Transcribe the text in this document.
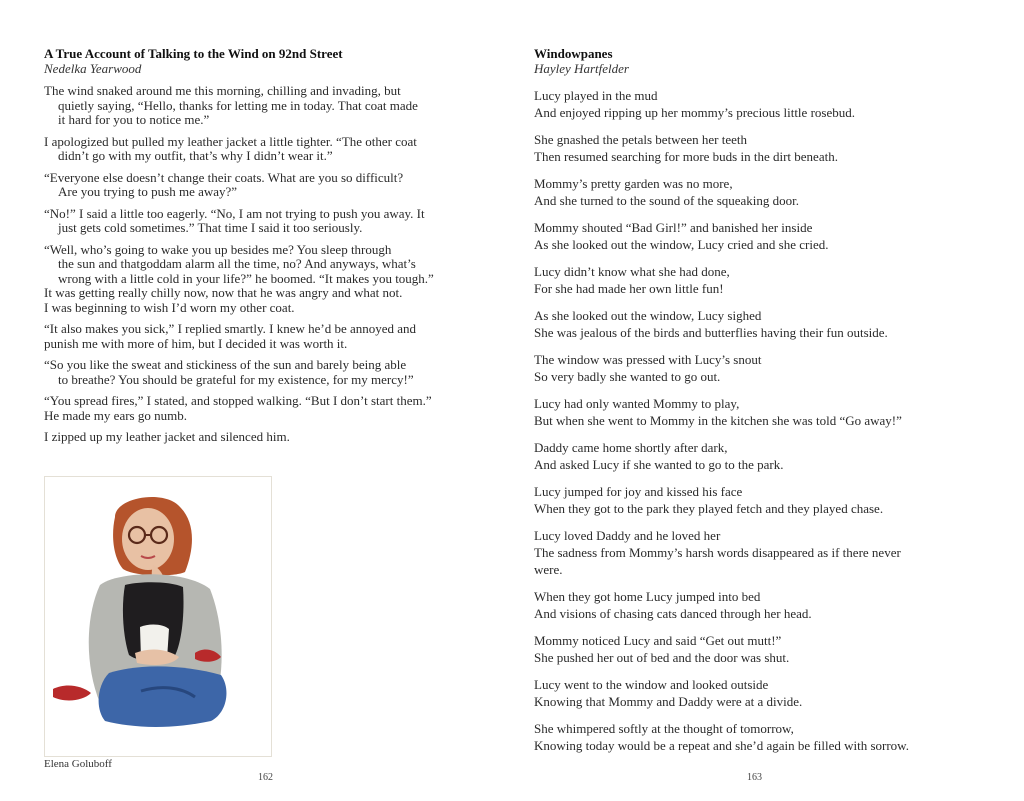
A True Account of Talking to the Wind on 92nd Street
Nedelka Yearwood
The wind snaked around me this morning, chilling and invading, but
quietly saying, “Hello, thanks for letting me in today. That coat made
it hard for you to notice me.”
I apologized but pulled my leather jacket a little tighter. “The other coat
didn’t go with my outfit, that’s why I didn’t wear it.”
“Everyone else doesn’t change their coats. What are you so difficult?
Are you trying to push me away?”
“No!” I said a little too eagerly. “No, I am not trying to push you away. It
just gets cold sometimes.” That time I said it too seriously.
“Well, who’s going to wake you up besides me? You sleep through
the sun and thatgoddam alarm all the time, no? And anyways, what’s
wrong with a little cold in your life?” he boomed. “It makes you tough.”
It was getting really chilly now, now that he was angry and what not.
I was beginning to wish I’d worn my other coat.
“It also makes you sick,” I replied smartly. I knew he’d be annoyed and
punish me with more of him, but I decided it was worth it.
“So you like the sweat and stickiness of the sun and barely being able
to breathe? You should be grateful for my existence, for my mercy!”
“You spread fires,” I stated, and stopped walking. “But I don’t start them.”
He made my ears go numb.
I zipped up my leather jacket and silenced him.
Elena Goluboff
162
Windowpanes
Hayley Hartfelder
Lucy played in the mud
And enjoyed ripping up her mommy’s precious little rosebud.
She gnashed the petals between her teeth
Then resumed searching for more buds in the dirt beneath.
Mommy’s pretty garden was no more,
And she turned to the sound of the squeaking door.
Mommy shouted “Bad Girl!” and banished her inside
As she looked out the window, Lucy cried and she cried.
Lucy didn’t know what she had done,
For she had made her own little fun!
As she looked out the window, Lucy sighed
She was jealous of the birds and butterflies having their fun outside.
The window was pressed with Lucy’s snout
So very badly she wanted to go out.
Lucy had only wanted Mommy to play,
But when she went to Mommy in the kitchen she was told “Go away!”
Daddy came home shortly after dark,
And asked Lucy if she wanted to go to the park.
Lucy jumped for joy and kissed his face
When they got to the park they played fetch and they played chase.
Lucy loved Daddy and he loved her
The sadness from Mommy’s harsh words disappeared as if there never
were.
When they got home Lucy jumped into bed
And visions of chasing cats danced through her head.
Mommy noticed Lucy and said “Get out mutt!”
She pushed her out of bed and the door was shut.
Lucy went to the window and looked outside
Knowing that Mommy and Daddy were at a divide.
She whimpered softly at the thought of tomorrow,
Knowing today would be a repeat and she’d again be filled with sorrow.
163
